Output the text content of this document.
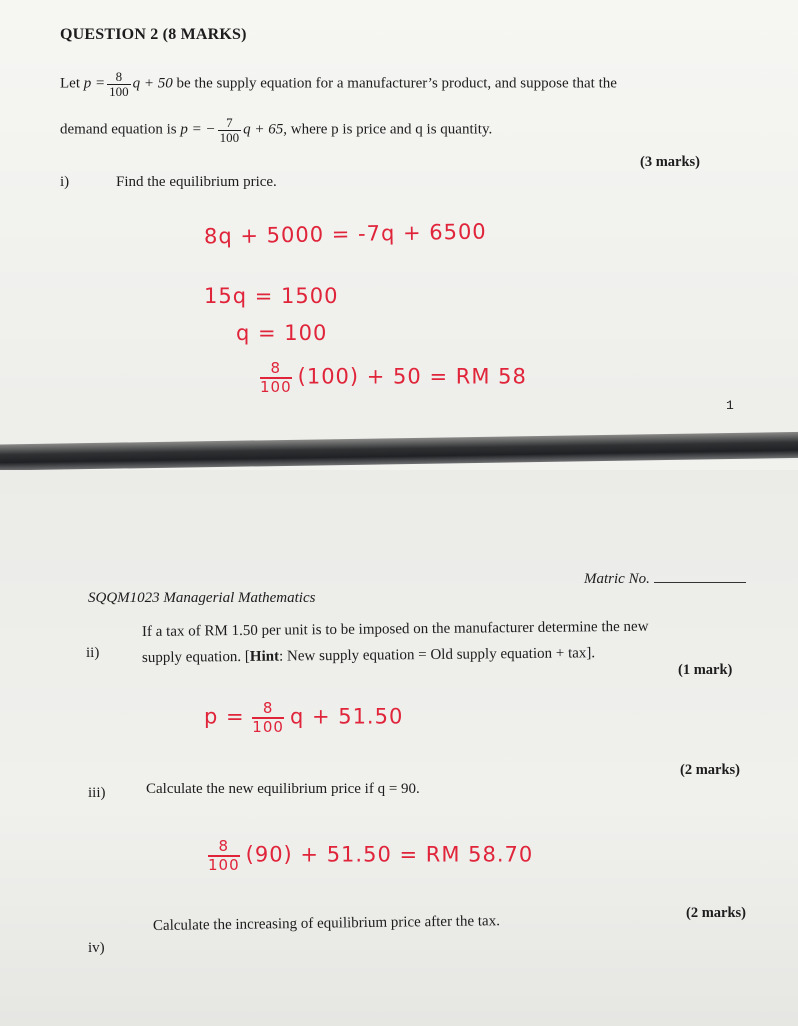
QUESTION 2 (8 MARKS)
Let $p = \frac{8}{100}$ q + 50 be the supply equation for a manufacturer’s product, and suppose that the
demand equation is p = − $\frac{7}{100}$ q + 65, where p is price and q is quantity.
(3 marks)
i)	Find the equilibrium price.
8q + 5000 = -7q + 6500
15q = 1500
q = 100
$\frac{8}{100} (100) + 50$ = RM 58
1
Matric No.
SQQM1023 Managerial Mathematics
ii)
If a tax of RM 1.50 per unit is to be imposed on the manufacturer determine the new
supply equation. [Hint: New supply equation = Old supply equation + tax].
(1 mark)
$p = \frac{8}{100}$ q + 51.50
(2 marks)
iii)	Calculate the new equilibrium price if q = 90.
$\frac{8}{100} (90) + 51.50$ = RM 58.70
(2 marks)
iv)
Calculate the increasing of equilibrium price after the tax.
